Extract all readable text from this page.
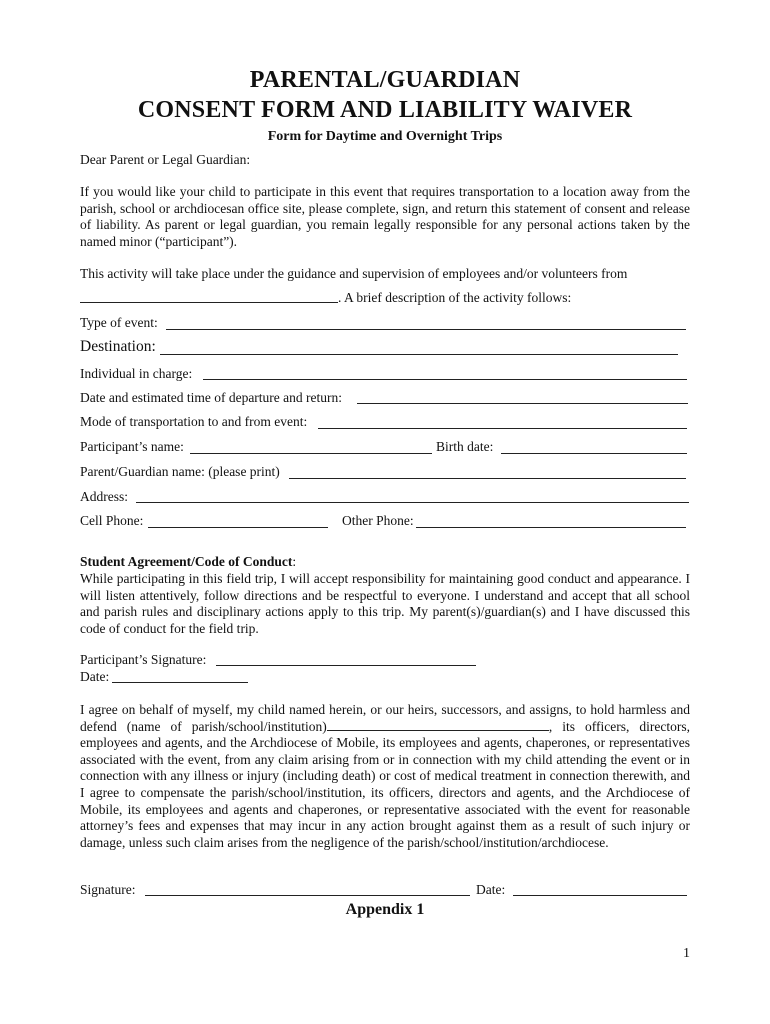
PARENTAL/GUARDIAN
CONSENT FORM AND LIABILITY WAIVER
Form for Daytime and Overnight Trips
Dear Parent or Legal Guardian:
If you would like your child to participate in this event that requires transportation to a location away from the parish, school or archdiocesan office site, please complete, sign, and return this statement of consent and release of liability. As parent or legal guardian, you remain legally responsible for any personal actions taken by the named minor (“participant”).
This activity will take place under the guidance and supervision of employees and/or volunteers from
. A brief description of the activity follows:
Type of event:
Destination:
Individual in charge:
Date and estimated time of departure and return:
Mode of transportation to and from event:
Participant’s name:	Birth date:
Parent/Guardian name: (please print)
Address:
Cell Phone:	Other Phone:
Student Agreement/Code of Conduct:
While participating in this field trip, I will accept responsibility for maintaining good conduct and appearance. I will listen attentively, follow directions and be respectful to everyone. I understand and accept that all school and parish rules and disciplinary actions apply to this trip. My parent(s)/guardian(s) and I have discussed this code of conduct for the field trip.
Participant’s Signature:
Date:
I agree on behalf of myself, my child named herein, or our heirs, successors, and assigns, to hold harmless and defend (name of parish/school/institution)	, its officers, directors, employees and agents, and the Archdiocese of Mobile, its employees and agents, chaperones, or representatives associated with the event, from any claim arising from or in connection with my child attending the event or in connection with any illness or injury (including death) or cost of medical treatment in connection therewith, and I agree to compensate the parish/school/institution, its officers, directors and agents, and the Archdiocese of Mobile, its employees and agents and chaperones, or representative associated with the event for reasonable attorney’s fees and expenses that may incur in any action brought against them as a result of such injury or damage, unless such claim arises from the negligence of the parish/school/institution/archdiocese.
Signature:	Date:
Appendix 1
1
